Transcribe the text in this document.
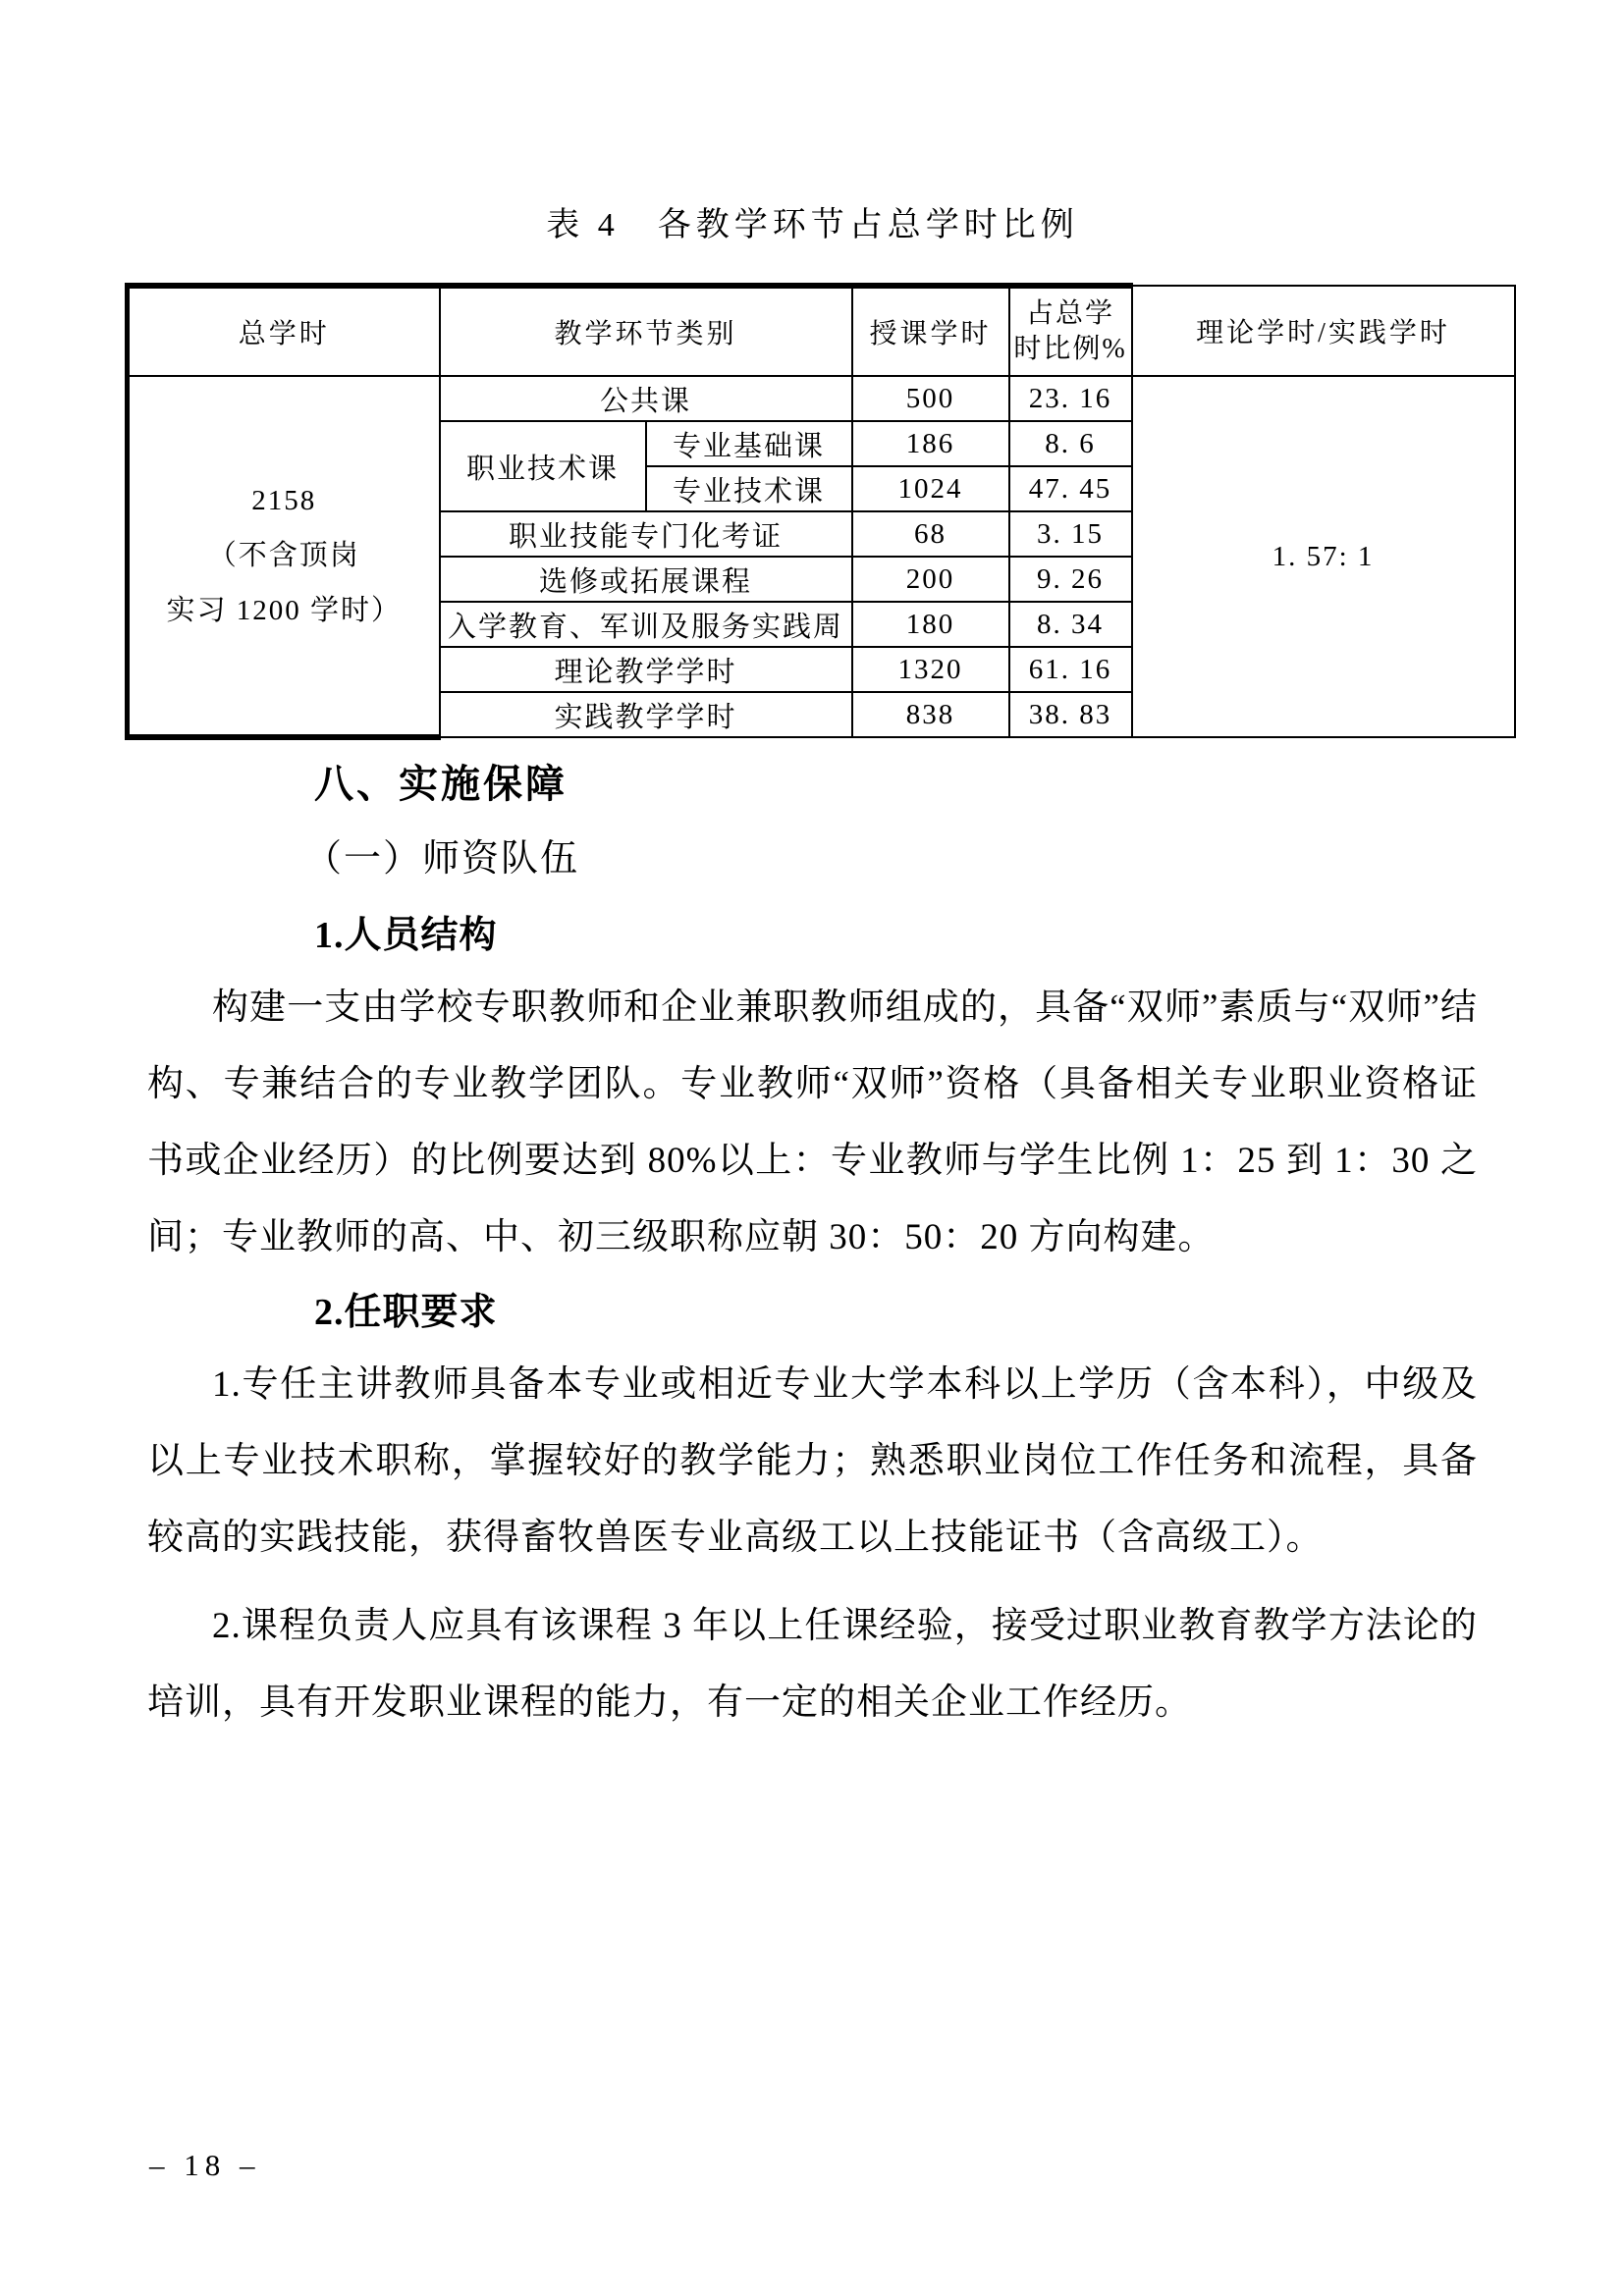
表 4　各教学环节占总学时比例
总学时	教学环节类别		授课学时	占总学
时比例%	理论学时/实践学时

2158
（不含顶岗
实习 1200 学时）	公共课		500	23. 16	1. 57: 1
	职业技术课	专业基础课	186	8. 6	
		专业技术课	1024	47. 45	
	职业技能专门化考证		68	3. 15	
	选修或拓展课程		200	9. 26	
	入学教育、军训及服务实践周		180	8. 34	
	理论教学学时		1320	61. 16	
	实践教学学时		838	38. 83	
八、实施保障
（一）师资队伍
1.人员结构

构建一支由学校专职教师和企业兼职教师组成的，具备“双师”素质与“双师”结构、专兼结合的专业教学团队。专业教师“双师”资格（具备相关专业职业资格证书或企业经历）的比例要达到 80%以上：专业教师与学生比例 1：25 到 1：30 之间；专业教师的高、中、初三级职称应朝 30：50：20 方向构建。

2.任职要求

1.专任主讲教师具备本专业或相近专业大学本科以上学历（含本科），中级及以上专业技术职称，掌握较好的教学能力；熟悉职业岗位工作任务和流程，具备较高的实践技能，获得畜牧兽医专业高级工以上技能证书（含高级工）。

2.课程负责人应具有该课程 3 年以上任课经验，接受过职业教育教学方法论的培训，具有开发职业课程的能力，有一定的相关企业工作经历。

– 18 –
